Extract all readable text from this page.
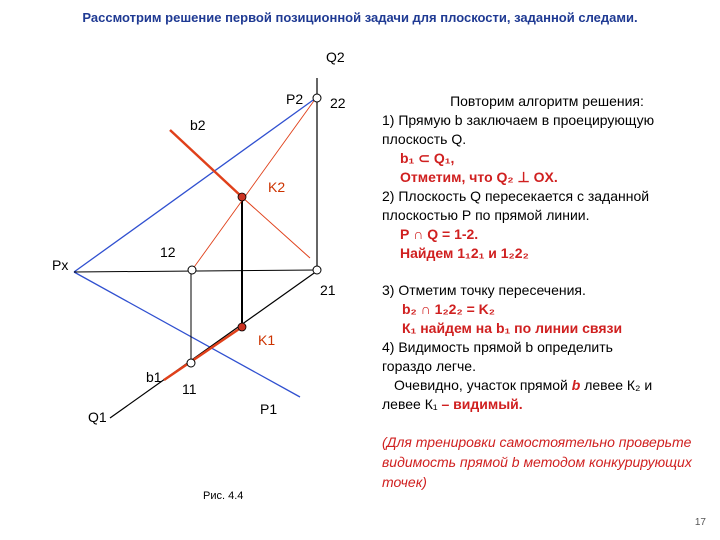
Рассмотрим решение первой позиционной задачи для плоскости, заданной следами.
Q2
P2 22
b2
K2
12
Px
21
K1
b1
11
Q1	P1
Повторим алгоритм решения:
1) Прямую b заключаем в проецирующую
плоскость Q.
b₁ ⊂ Q₁,
Отметим, что Q₂ ⊥ OX.
2) Плоскость Q пересекается с заданной
плоскостью Р по прямой линии.
Р ∩ Q = 1-2.
Найдем 1₁2₁ и 1₂2₂
3) Отметим точку пересечения.
b₂ ∩ 1₂2₂ = K₂
К₁ найдем на b₁ по линии связи
4) Видимость прямой b определить
гораздо легче.
Очевидно, участок прямой b левее К₂ и
левее К₁ – видимый.
(Для тренировки самостоятельно проверьте видимость прямой b методом конкурирующих точек)
Рис. 4.4
17
